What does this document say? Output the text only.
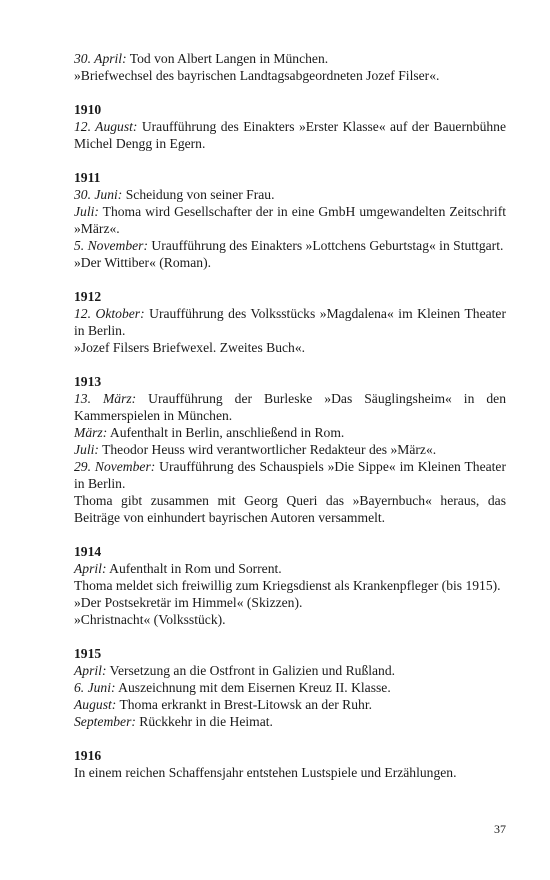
30. April: Tod von Albert Langen in München.

»Briefwechsel des bayrischen Landtagsabgeordneten Jozef Filser«.

1910

12. August: Uraufführung des Einakters »Erster Klasse« auf der Bauernbühne Michel Dengg in Egern.

1911

30. Juni: Scheidung von seiner Frau.

Juli: Thoma wird Gesellschafter der in eine GmbH umgewandelten Zeitschrift »März«.

5. November: Uraufführung des Einakters »Lottchens Geburtstag« in Stuttgart.

»Der Wittiber« (Roman).

1912

12. Oktober: Uraufführung des Volksstücks »Magdalena« im Kleinen Theater in Berlin.

»Jozef Filsers Briefwexel. Zweites Buch«.

1913

13. März: Uraufführung der Burleske »Das Säuglingsheim« in den Kammerspielen in München.

März: Aufenthalt in Berlin, anschließend in Rom.

Juli: Theodor Heuss wird verantwortlicher Redakteur des »März«.

29. November: Uraufführung des Schauspiels »Die Sippe« im Kleinen Theater in Berlin.

Thoma gibt zusammen mit Georg Queri das »Bayernbuch« heraus, das Beiträge von einhundert bayrischen Autoren versammelt.

1914

April: Aufenthalt in Rom und Sorrent.

Thoma meldet sich freiwillig zum Kriegsdienst als Krankenpfleger (bis 1915).

»Der Postsekretär im Himmel« (Skizzen).

»Christnacht« (Volksstück).

1915

April: Versetzung an die Ostfront in Galizien und Rußland.

6. Juni: Auszeichnung mit dem Eisernen Kreuz II. Klasse.

August: Thoma erkrankt in Brest-Litowsk an der Ruhr.

September: Rückkehr in die Heimat.

1916

In einem reichen Schaffensjahr entstehen Lustspiele und Erzählungen.

37
